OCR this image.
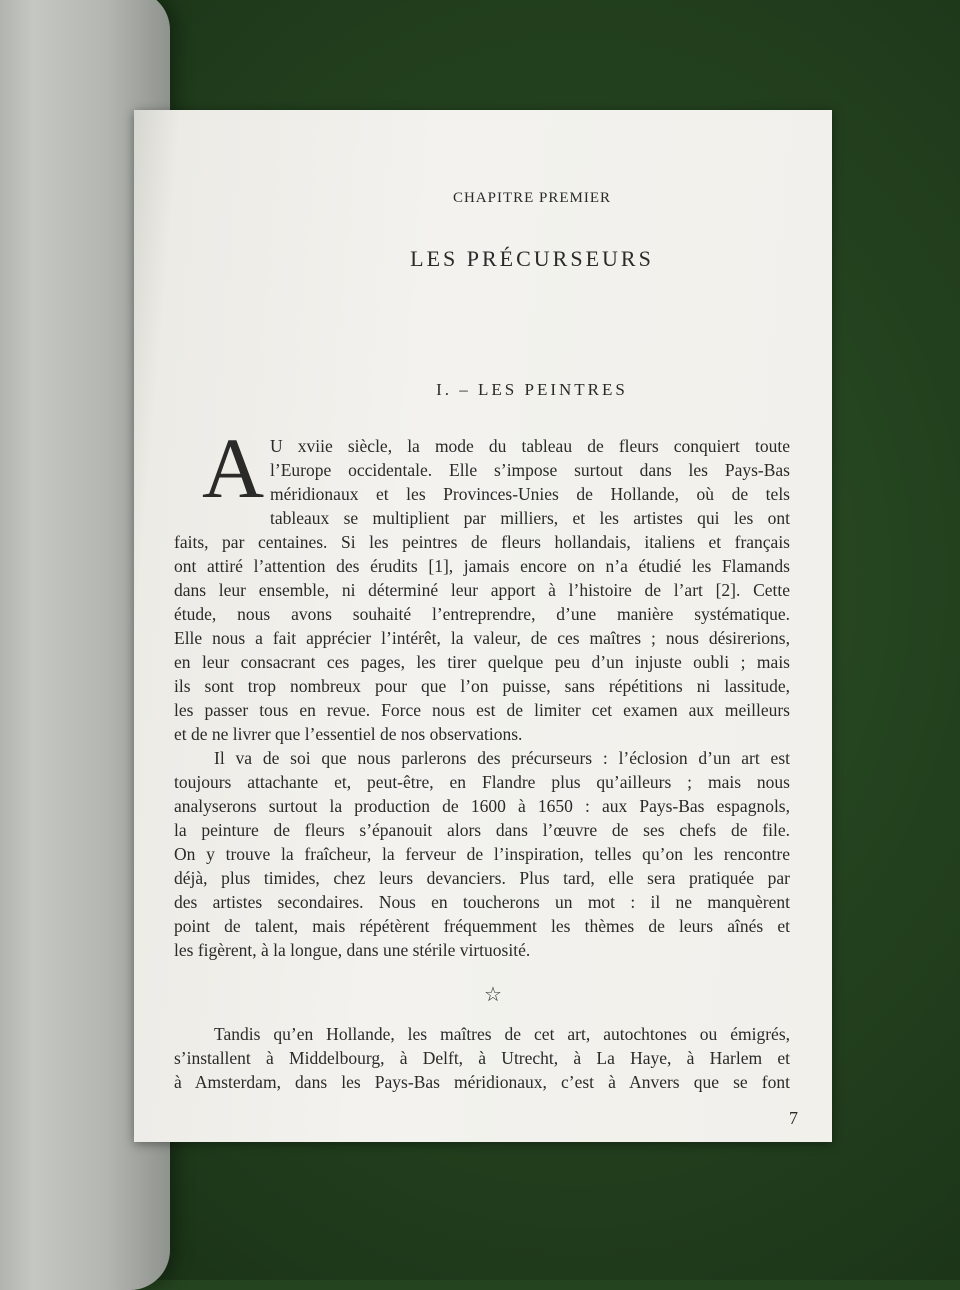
CHAPITRE PREMIER
LES PRÉCURSEURS
I. – LES PEINTRES
A U xviie siècle, la mode du tableau de fleurs conquiert toute
l’Europe occidentale. Elle s’impose surtout dans les Pays-Bas
méridionaux et les Provinces-Unies de Hollande, où de tels
tableaux se multiplient par milliers, et les artistes qui les ont
faits, par centaines. Si les peintres de fleurs hollandais, italiens et français
ont attiré l’attention des érudits [1], jamais encore on n’a étudié les Flamands
dans leur ensemble, ni déterminé leur apport à l’histoire de l’art [2]. Cette
étude, nous avons souhaité l’entreprendre, d’une manière systématique.
Elle nous a fait apprécier l’intérêt, la valeur, de ces maîtres ; nous désirerions,
en leur consacrant ces pages, les tirer quelque peu d’un injuste oubli ; mais
ils sont trop nombreux pour que l’on puisse, sans répétitions ni lassitude,
les passer tous en revue. Force nous est de limiter cet examen aux meilleurs
et de ne livrer que l’essentiel de nos observations.
Il va de soi que nous parlerons des précurseurs : l’éclosion d’un art est
toujours attachante et, peut-être, en Flandre plus qu’ailleurs ; mais nous
analyserons surtout la production de 1600 à 1650 : aux Pays-Bas espagnols,
la peinture de fleurs s’épanouit alors dans l’œuvre de ses chefs de file.
On y trouve la fraîcheur, la ferveur de l’inspiration, telles qu’on les rencontre
déjà, plus timides, chez leurs devanciers. Plus tard, elle sera pratiquée par
des artistes secondaires. Nous en toucherons un mot : il ne manquèrent
point de talent, mais répétèrent fréquemment les thèmes de leurs aînés et
les figèrent, à la longue, dans une stérile virtuosité.
☆
Tandis qu’en Hollande, les maîtres de cet art, autochtones ou émigrés,
s’installent à Middelbourg, à Delft, à Utrecht, à La Haye, à Harlem et
à Amsterdam, dans les Pays-Bas méridionaux, c’est à Anvers que se font
7
